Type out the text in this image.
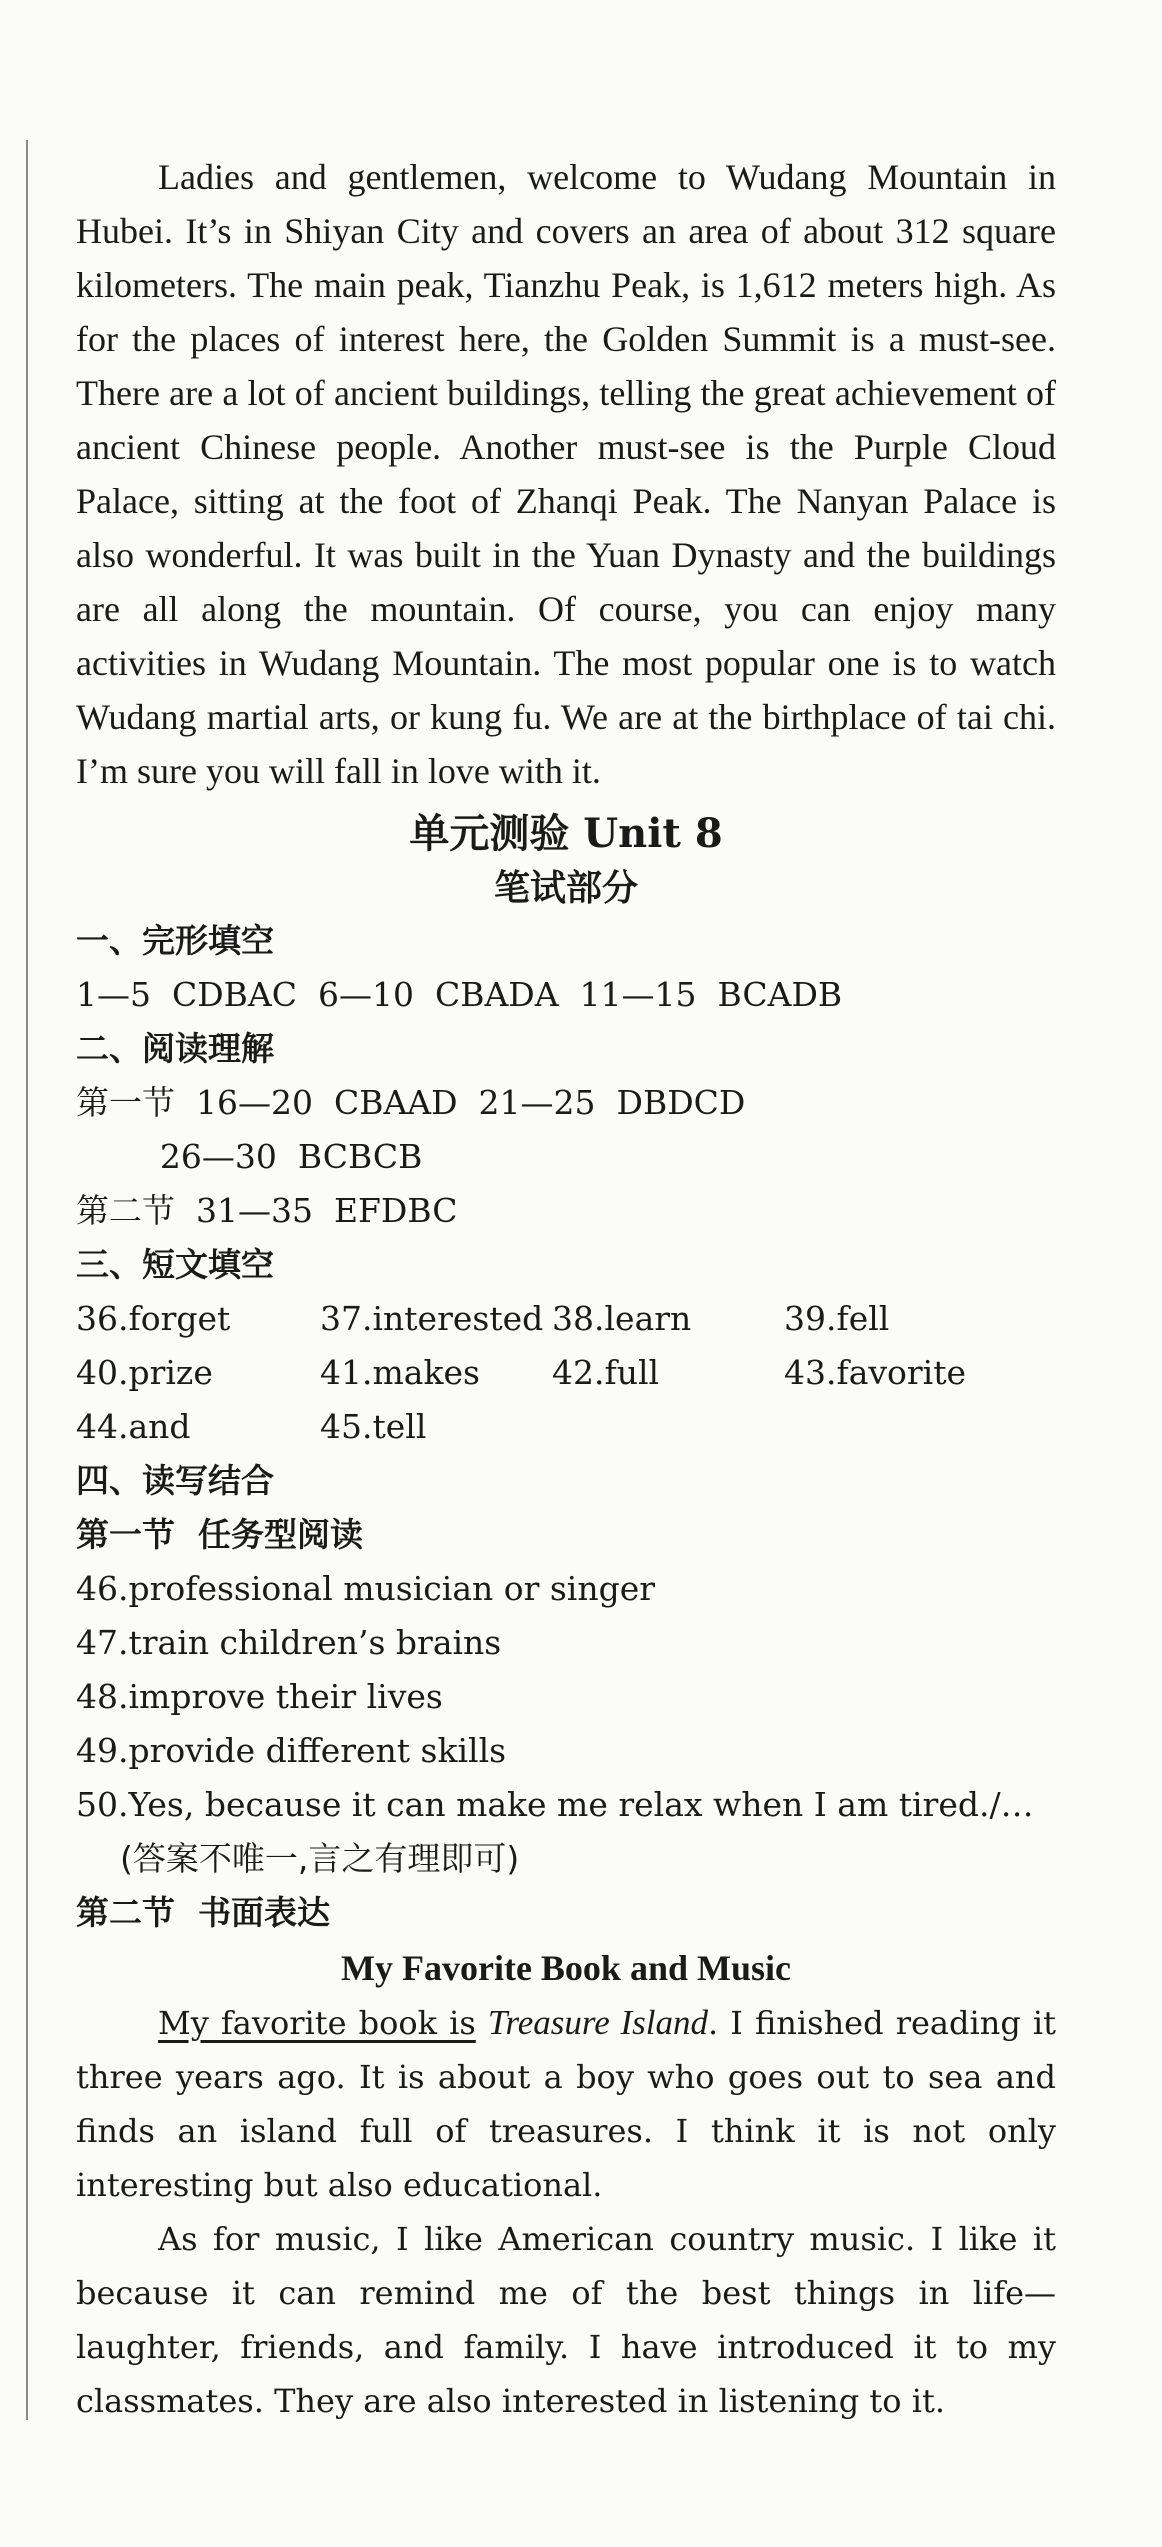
Ladies and gentlemen, welcome to Wudang Mountain in Hubei. It’s in Shiyan City and covers an area of about 312 square kilometers. The main peak, Tianzhu Peak, is 1,612 meters high. As for the places of interest here, the Golden Summit is a must-see. There are a lot of ancient buildings, telling the great achievement of ancient Chinese people. Another must-see is the Purple Cloud Palace, sitting at the foot of Zhanqi Peak. The Nanyan Palace is also wonderful. It was built in the Yuan Dynasty and the buildings are all along the mountain. Of course, you can enjoy many activities in Wudang Mountain. The most popular one is to watch Wudang martial arts, or kung fu. We are at the birthplace of tai chi. I’m sure you will fall in love with it.

单元测验 Unit 8

笔试部分

一、完形填空

1—5  CDBAC  6—10  CBADA  11—15  BCADB

二、阅读理解

第一节  16—20  CBAAD  21—25  DBDCD

26—30  BCBCB

第二节  31—35  EFDBC

三、短文填空

36.forget	37.interested 38.learn	39.fell
40.prize	41.makes	42.full	43.favorite
44.and	45.tell

四、读写结合

第一节  任务型阅读

46.professional musician or singer

47.train children’s brains

48.improve their lives

49.provide different skills

50.Yes, because it can make me relax when I am tired./…

(答案不唯一,言之有理即可)

第二节  书面表达

My Favorite Book and Music

My favorite book is Treasure Island. I finished reading it three years ago. It is about a boy who goes out to sea and finds an island full of treasures. I think it is not only interesting but also educational.

As for music, I like American country music. I like it because it can remind me of the best things in life—laughter, friends, and family. I have introduced it to my classmates. They are also interested in listening to it.
